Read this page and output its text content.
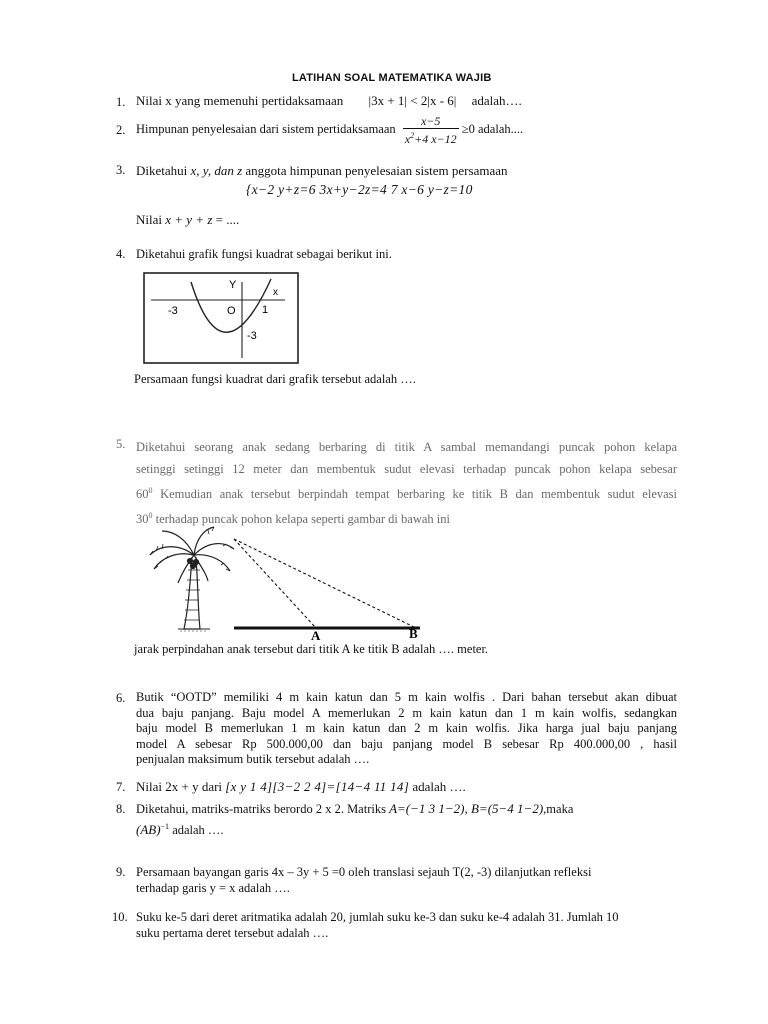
LATIHAN SOAL MATEMATIKA WAJIB
1. Nilai x yang memenuhi pertidaksamaan |3x + 1| < 2|x - 6| adalah….
2. Himpunan penyelesaian dari sistem pertidaksamaan $\frac{x-5}{x^2+4 x-12} \ge 0$ adalah....
3. Diketahui x, y, dan z anggota himpunan penyelesaian sistem persamaan
{x−2 y+z=6 3x+y−2z=4 7 x−6 y−z=10
Nilai x + y + z = ....
4. Diketahui grafik fungsi kuadrat sebagai berikut ini.
Y
x
-3	O 1
-3
Persamaan fungsi kuadrat dari grafik tersebut adalah ….
5. Diketahui seorang anak sedang berbaring di titik A sambal memandangi puncak pohon kelapa
setinggi setinggi 12 meter dan membentuk sudut elevasi terhadap puncak pohon kelapa sebesar
$60^0$ Kemudian anak tersebut berpindah tempat berbaring ke titik B dan membentuk sudut elevasi
$30^0$ terhadap puncak pohon kelapa seperti gambar di bawah ini
A	B
jarak perpindahan anak tersebut dari titik A ke titik B adalah …. meter.
6. Butik “OOTD” memiliki 4 m kain katun dan 5 m kain wolfis . Dari bahan tersebut akan dibuat
dua baju panjang. Baju model A memerlukan 2 m kain katun dan 1 m kain wolfis, sedangkan
baju model B memerlukan 1 m kain katun dan 2 m kain wolfis. Jika harga jual baju panjang
model A sebesar Rp 500.000,00 dan baju panjang model B sebesar Rp 400.000,00 , hasil
penjualan maksimum butik tersebut adalah ….
7. Nilai 2x + y dari [x y 1 4][3−2 2 4]=[14−4 11 14] adalah ….
8. Diketahui, matriks-matriks berordo 2 x 2. Matriks A=(−1 3 1−2), B=(5−4 1−2),maka
(AB)$^{-1}$ adalah ….
9. Persamaan bayangan garis 4x – 3y + 5 =0 oleh translasi sejauh T(2, -3) dilanjutkan refleksi
terhadap garis y = x adalah ….
10. Suku ke-5 dari deret aritmatika adalah 20, jumlah suku ke-3 dan suku ke-4 adalah 31. Jumlah 10
suku pertama deret tersebut adalah ….
